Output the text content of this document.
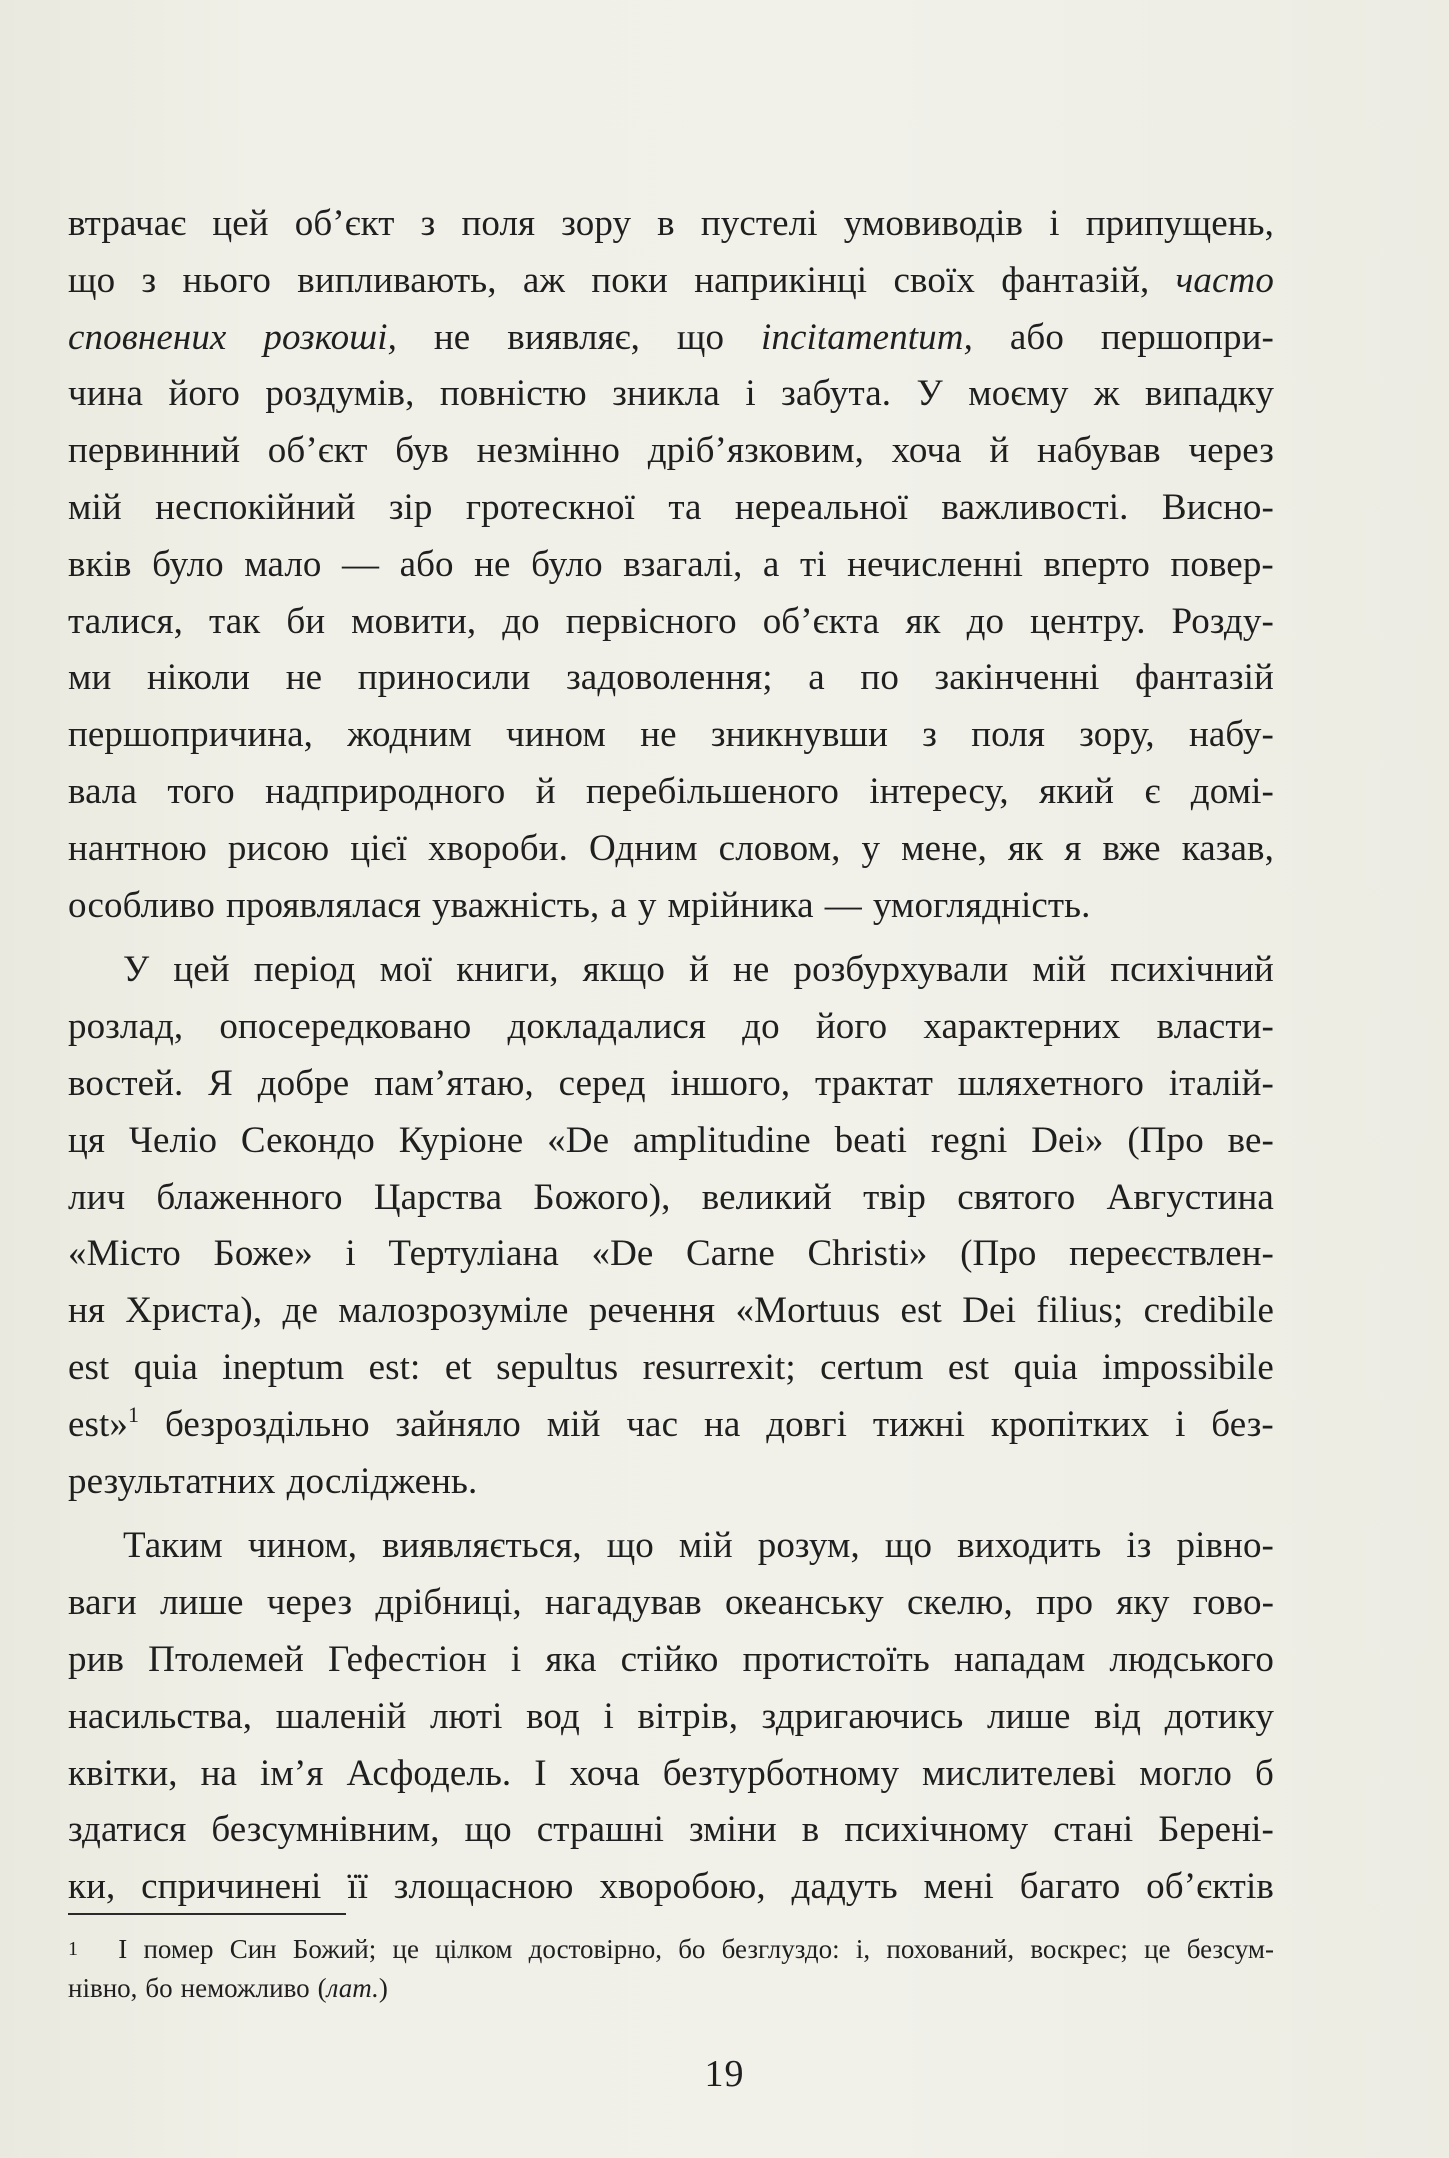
втрачає цей об’єкт з поля зору в пустелі умовиводів і припущень,
що з нього випливають, аж поки наприкінці своїх фантазій, часто
сповнених розкоші, не виявляє, що incitamentum, або першопри-
чина його роздумів, повністю зникла і забута. У моєму ж випадку
первинний об’єкт був незмінно дріб’язковим, хоча й набував через
мій неспокійний зір гротескної та нереальної важливості. Висно-
вків було мало — або не було взагалі, а ті нечисленні вперто повер-
талися, так би мовити, до первісного об’єкта як до центру. Розду-
ми ніколи не приносили задоволення; а по закінченні фантазій
першопричина, жодним чином не зникнувши з поля зору, набу-
вала того надприродного й перебільшеного інтересу, який є домі-
нантною рисою цієї хвороби. Одним словом, у мене, як я вже казав,
особливо проявлялася уважність, а у мрійника — умоглядність.
У цей період мої книги, якщо й не розбурхували мій психічний
розлад, опосередковано докладалися до його характерних власти-
востей. Я добре пам’ятаю, серед іншого, трактат шляхетного італій-
ця Челіо Секондо Куріоне «De amplitudine beati regni Dei» (Про ве-
лич блаженного Царства Божого), великий твір святого Августина
«Місто Боже» і Тертуліана «De Carne Christi» (Про переєствлен-
ня Христа), де малозрозуміле речення «Mortuus est Dei filius; credibile
est quia ineptum est: et sepultus resurrexit; certum est quia impossibile
est»$^1$ безроздільно зайняло мій час на довгі тижні кропітких і без-
результатних досліджень.
Таким чином, виявляється, що мій розум, що виходить із рівно-
ваги лише через дрібниці, нагадував океанську скелю, про яку гово-
рив Птолемей Гефестіон і яка стійко протистоїть нападам людського
насильства, шаленій люті вод і вітрів, здригаючись лише від дотику
квітки, на ім’я Асфодель. І хоча безтурботному мислителеві могло б
здатися безсумнівним, що страшні зміни в психічному стані Берені-
ки, спричинені її злощасною хворобою, дадуть мені багато об’єктів
1	І помер Син Божий; це цілком достовірно, бо безглуздо: і, похований, воскрес; це безсум-
нівно, бо неможливо (лат.)
19
